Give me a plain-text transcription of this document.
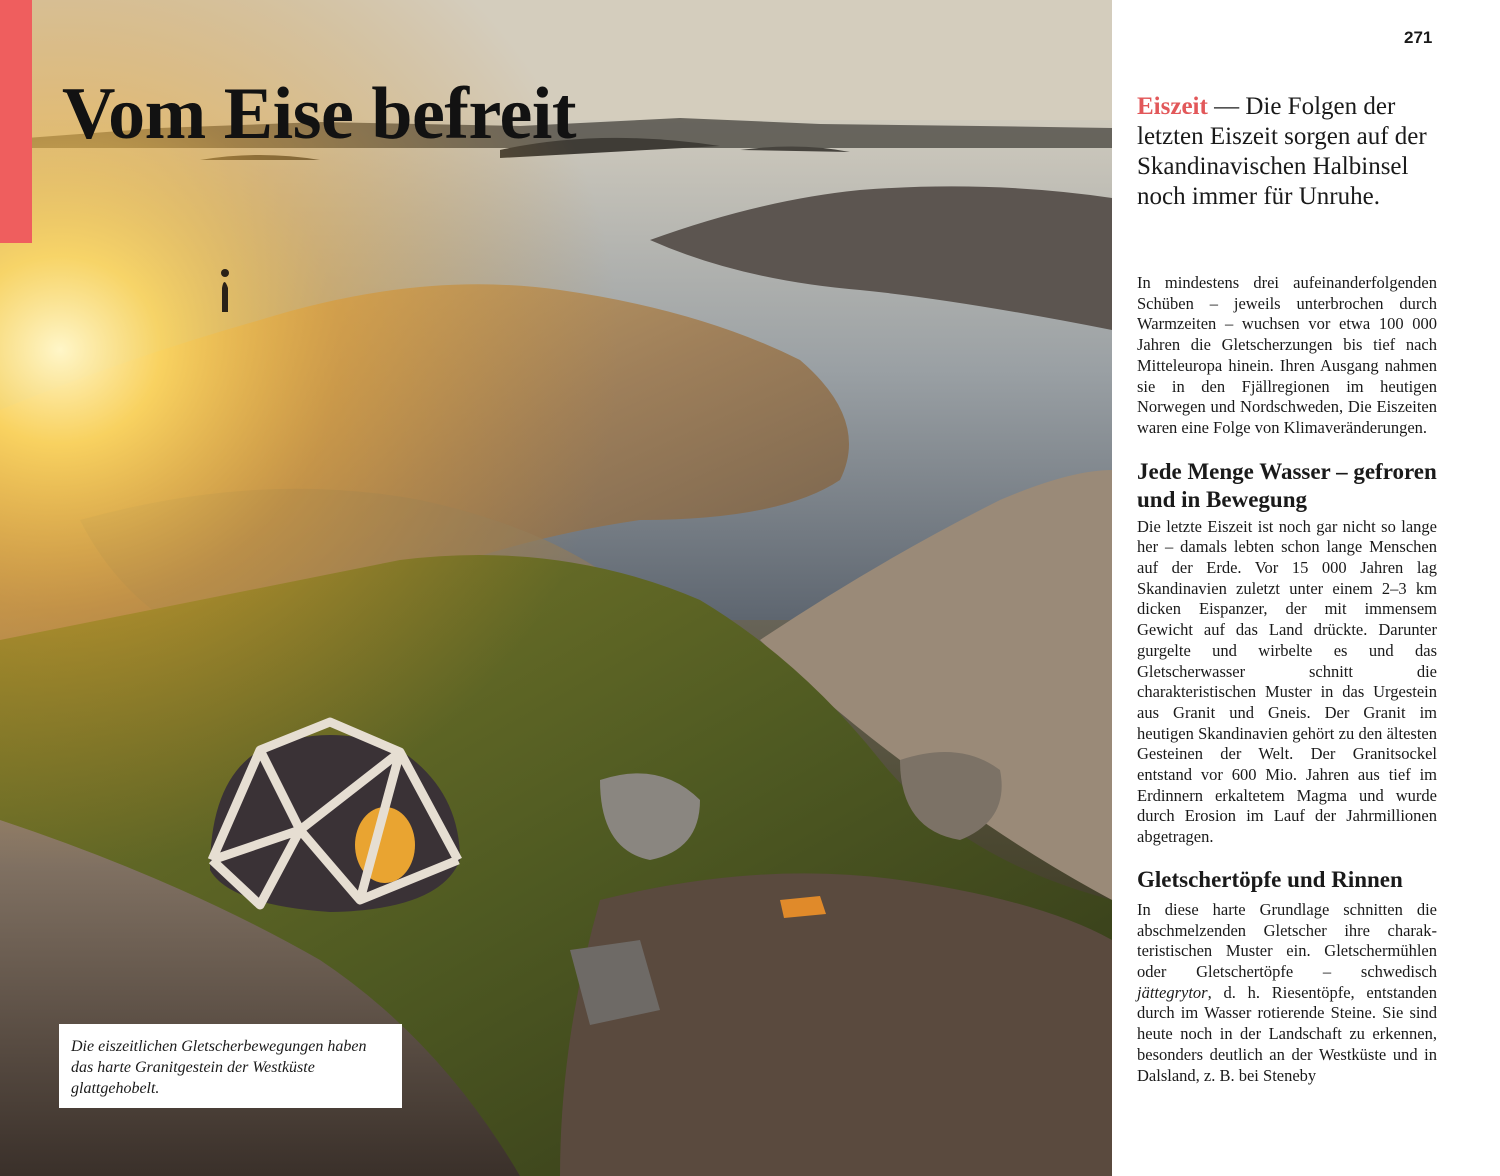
Vom Eise befreit
Die eiszeitlichen Gletscherbewegungen haben das harte Granitgestein der Westküste glattgehobelt.
271

Eiszeit — Die Folgen der letzten Eiszeit sorgen auf der Skandinavischen Halbinsel noch immer für Unruhe.

In mindestens drei aufeinanderfolgenden Schüben – jeweils unterbrochen durch Warmzeiten – wuchsen vor etwa 100 000 Jahren die Gletscherzungen bis tief nach Mitteleuropa hinein. Ihren Ausgang nahmen sie in den Fjällregionen im heutigen Norwegen und Nordschweden, Die Eiszeiten waren eine Folge von Klimaveränderungen.

Jede Menge Wasser – gefroren und in Bewegung

Die letzte Eiszeit ist noch gar nicht so lange her – damals lebten schon lange Menschen auf der Erde. Vor 15 000 Jahren lag Skandinavien zuletzt unter einem 2–3 km dicken Eispanzer, der mit immensem Gewicht auf das Land drückte. Darunter gurgelte und wirbelte es und das Gletscherwasser schnitt die charakteristischen Muster in das Urgestein aus Granit und Gneis. Der Granit im heutigen Skandinavien gehört zu den ältesten Gesteinen der Welt. Der Granitsockel entstand vor 600 Mio. Jahren aus tief im Erdinnern erkaltetem Magma und wurde durch Erosion im Lauf der Jahrmillionen abgetragen.

Gletschertöpfe und Rinnen

In diese harte Grundlage schnitten die abschmelzenden Gletscher ihre charakteristischen Muster ein. Gletschermühlen oder Gletschertöpfe – schwedisch jättegrytor, d. h. Riesentöpfe, entstanden durch im Wasser rotierende Steine. Sie sind heute noch in der Landschaft zu erkennen, besonders deutlich an der Westküste und in Dalsland, z. B. bei Steneby
